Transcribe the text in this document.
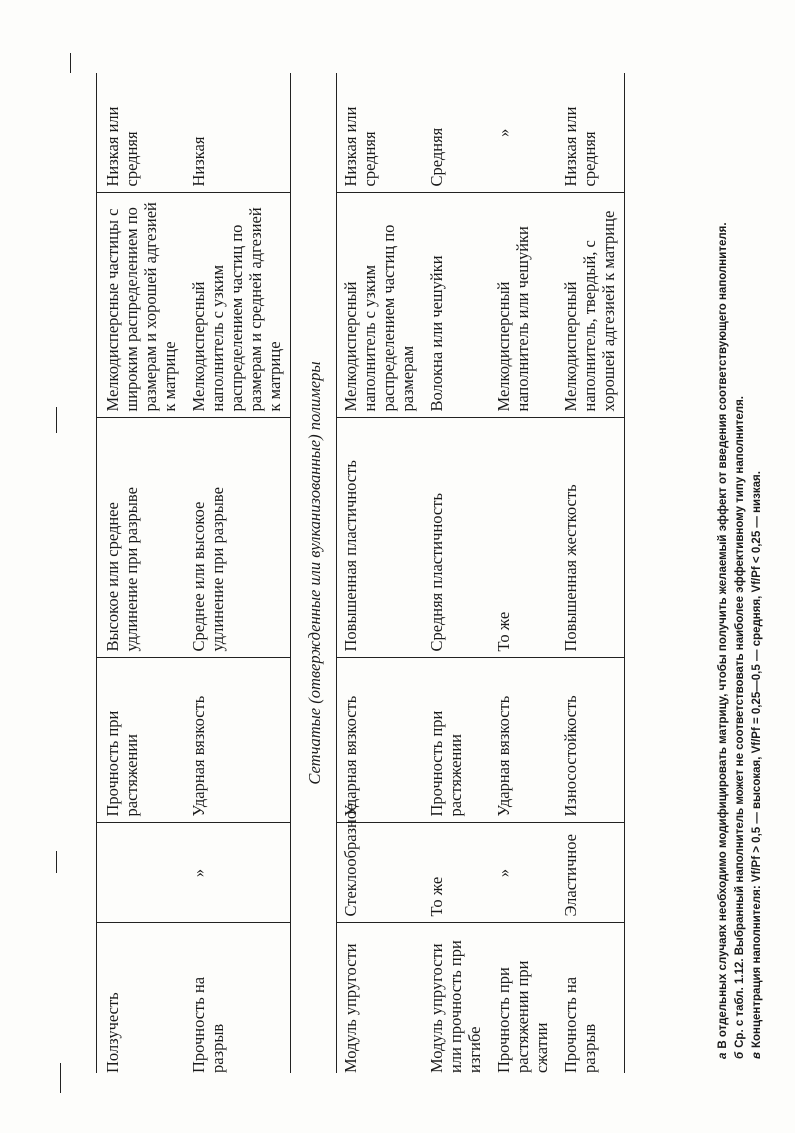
Ползучесть		Прочность при растяжении	Высокое или среднее удлинение при разрыве	Мелкодисперсные частицы с широким распределением по размерам и хорошей адгезией к матрице	Низкая или средняя
Прочность на разрыв	»	Ударная вязкость	Среднее или высокое удлинение при разрыве	Мелкодисперсный наполнитель с узким распределением частиц по размерам и средней адгезией к матрице	Низкая
Сетчатые (отвержденные или вулканизованные) полимеры					
Модуль упругости	Стеклообразное	Ударная вязкость	Повышенная пластичность	Мелкодисперсный наполнитель с узким распределением частиц по размерам	Низкая или средняя
Модуль упругости или прочность при изгибе	То же	Прочность при растяжении	Средняя пластичность	Волокна или чешуйки	Средняя
Прочность при растяжении при сжатии	»	Ударная вязкость	То же	Мелкодисперсный наполнитель или чешуйки	»
Прочность на разрыв	Эластичное	Износостойкость	Повышенная жесткость	Мелкодисперсный наполнитель, твердый, с хорошей адгезией к матрице	Низкая или средняя
аВ отдельных случаях необходимо модифицировать матрицу, чтобы получить желаемый эффект от введения соответствующего наполнителя.
бСр. с табл. 1.12. Выбранный наполнитель может не соответствовать наиболее эффективному типу наполнителя.
вКонцентрация наполнителя: Vf/Pf > 0,5 — высокая, Vf/Pf = 0,25—0,5 — средняя, Vf/Pf < 0,25 — низкая.
